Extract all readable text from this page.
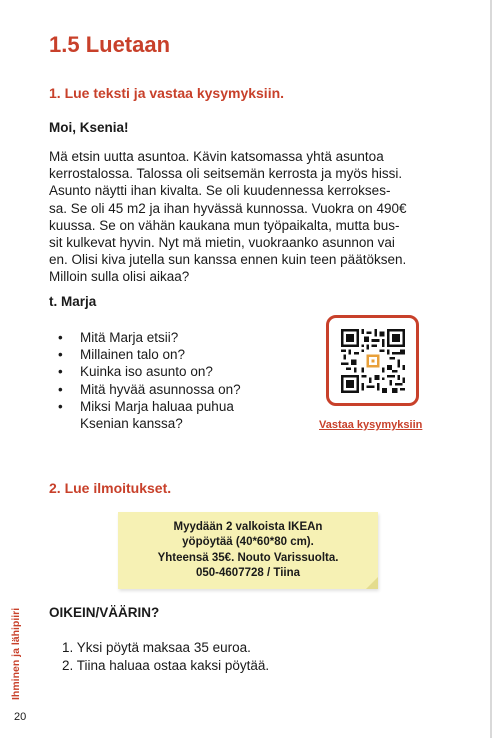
1.5 Luetaan
1. Lue teksti ja vastaa kysymyksiin.

Moi, Ksenia!

Mä etsin uutta asuntoa. Kävin katsomassa yhtä asuntoa
kerrostalossa. Talossa oli seitsemän kerrosta ja myös hissi.
Asunto näytti ihan kivalta. Se oli kuudennessa kerrokses-
sa. Se oli 45 m2 ja ihan hyvässä kunnossa. Vuokra on 490€
kuussa. Se on vähän kaukana mun työpaikalta, mutta bus-
sit kulkevat hyvin. Nyt mä mietin, vuokraanko asunnon vai
en. Olisi kiva jutella sun kanssa ennen kuin teen päätöksen.
Milloin sulla olisi aikaa?

t. Marja

• Mitä Marja etsii?
• Millainen talo on?
• Kuinka iso asunto on?
• Mitä hyvää asunnossa on?
• Miksi Marja haluaa puhua Ksenian kanssa?	Vastaa kysymyksiin
2. Lue ilmoitukset.
Myydään 2 valkoista IKEAn
yöpöytää (40*60*80 cm).
Yhteensä 35€. Nouto Varissuolta.
050-4607728 / Tiina

OIKEIN/VÄÄRIN?

1. Yksi pöytä maksaa 35 euroa.
2. Tiina haluaa ostaa kaksi pöytää.
Ihminen ja lähipiiri
20
